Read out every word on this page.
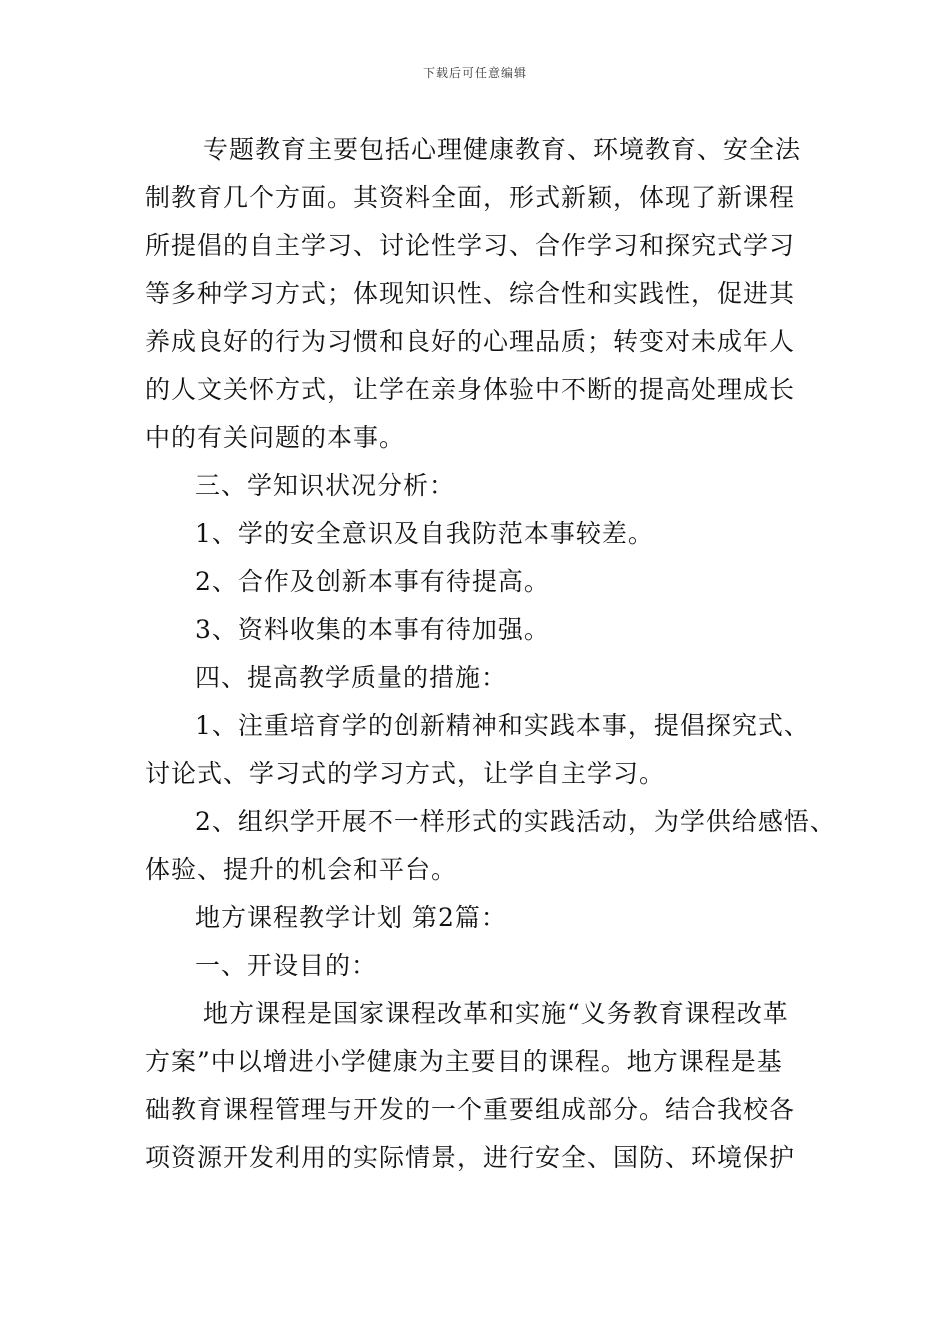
下载后可任意编辑
专题教育主要包括心理健康教育、环境教育、安全法
制教育几个方面。其资料全面，形式新颖，体现了新课程
所提倡的自主学习、讨论性学习、合作学习和探究式学习
等多种学习方式；体现知识性、综合性和实践性，促进其
养成良好的行为习惯和良好的心理品质；转变对未成年人
的人文关怀方式，让学在亲身体验中不断的提高处理成长
中的有关问题的本事。
三、学知识状况分析：
1、学的安全意识及自我防范本事较差。
2、合作及创新本事有待提高。
3、资料收集的本事有待加强。
四、提高教学质量的措施：
1、注重培育学的创新精神和实践本事，提倡探究式、
讨论式、学习式的学习方式，让学自主学习。
2、组织学开展不一样形式的实践活动，为学供给感悟、
体验、提升的机会和平台。
地方课程教学计划 第2篇：
一、开设目的：
地方课程是国家课程改革和实施“义务教育课程改革
方案”中以增进小学健康为主要目的课程。地方课程是基
础教育课程管理与开发的一个重要组成部分。结合我校各
项资源开发利用的实际情景，进行安全、国防、环境保护
